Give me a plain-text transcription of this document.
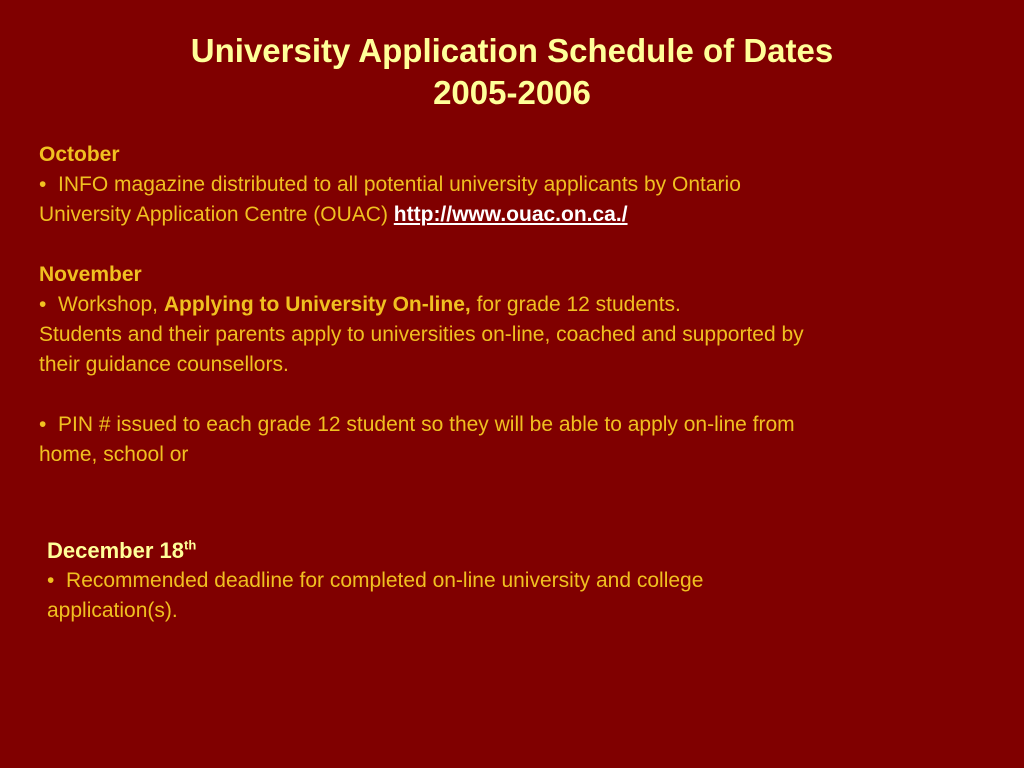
University Application Schedule of Dates
2005-2006
October
• INFO magazine distributed to all potential university applicants by Ontario
University Application Centre (OUAC) http://www.ouac.on.ca./
November
• Workshop, Applying to University On-line, for grade 12 students.
Students and their parents apply to universities on-line, coached and supported by
their guidance counsellors.
• PIN # issued to each grade 12 student so they will be able to apply on-line from
home, school or
December 18th
• Recommended deadline for completed on-line university and college
application(s).
